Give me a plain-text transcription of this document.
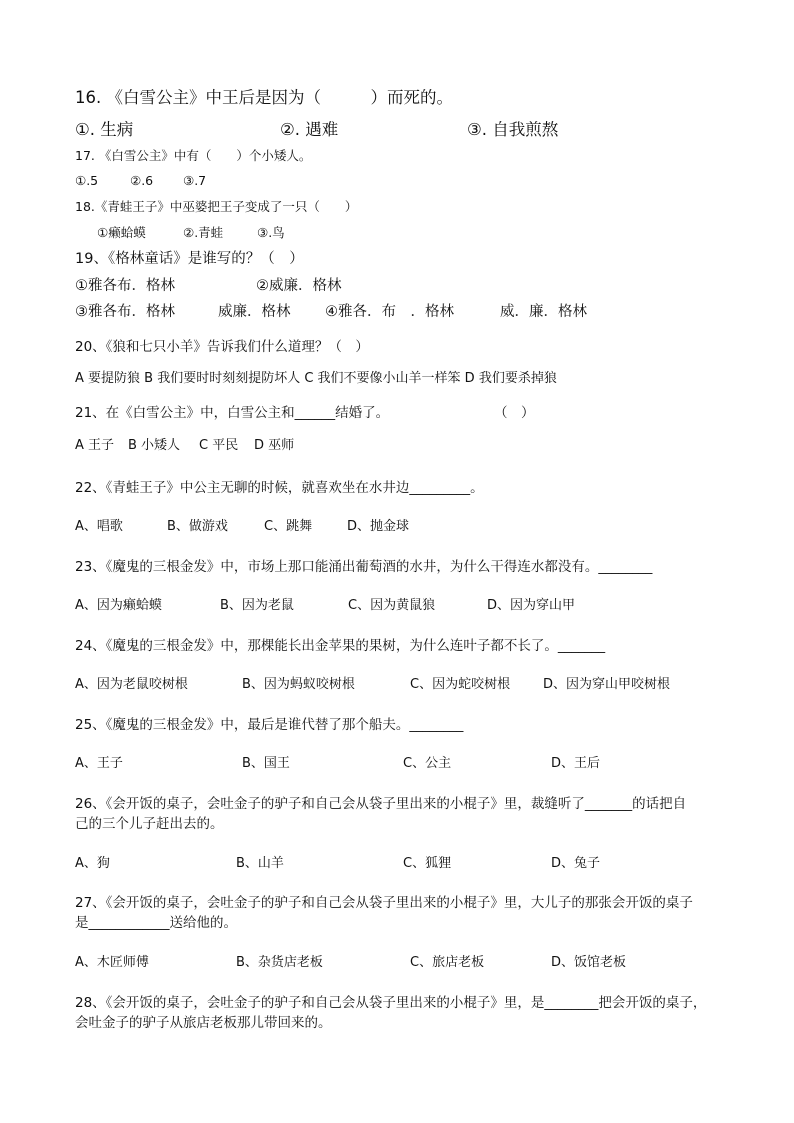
16. 《白雪公主》中王后是因为（　　　）而死的。
①. 生病	②. 遇难	③. 自我煎熬
17. 《白雪公主》中有（　　）个小矮人。
①.5	②.6 ③.7
18.《青蛙王子》中巫婆把王子变成了一只（　　）
①癞蛤蟆	②.青蛙	③.鸟
19、《格林童话》是谁写的？（　）
①雅各布．格林	②威廉．格林
③雅各布．格林	威廉．格林 ④雅各．布　．格林	威．廉．格林
20、《狼和七只小羊》告诉我们什么道理？（　）
A 要提防狼 B 我们要时时刻刻提防坏人 C 我们不要像小山羊一样笨 D 我们要杀掉狼
21、在《白雪公主》中，白雪公主和______结婚了。	（　）
A 王子 B 小矮人 C 平民 D 巫师
22、《青蛙王子》中公主无聊的时候，就喜欢坐在水井边_________。
A、唱歌	B、做游戏	C、跳舞	D、抛金球
23、《魔鬼的三根金发》中，市场上那口能涌出葡萄酒的水井，为什么干得连水都没有。________
A、因为癞蛤蟆	B、因为老鼠	C、因为黄鼠狼	D、因为穿山甲
24、《魔鬼的三根金发》中，那棵能长出金苹果的果树，为什么连叶子都不长了。_______
A、因为老鼠咬树根	B、因为蚂蚁咬树根	C、因为蛇咬树根	D、因为穿山甲咬树根
25、《魔鬼的三根金发》中，最后是谁代替了那个船夫。________
A、王子	B、国王	C、公主	D、王后
26、《会开饭的桌子，会吐金子的驴子和自己会从袋子里出来的小棍子》里，裁缝听了_______的话把自
己的三个儿子赶出去的。
A、狗	B、山羊	C、狐狸	D、兔子
27、《会开饭的桌子，会吐金子的驴子和自己会从袋子里出来的小棍子》里，大儿子的那张会开饭的桌子
是____________送给他的。
A、木匠师傅	B、杂货店老板	C、旅店老板	D、饭馆老板
28、《会开饭的桌子，会吐金子的驴子和自己会从袋子里出来的小棍子》里，是________把会开饭的桌子，
会吐金子的驴子从旅店老板那儿带回来的。
